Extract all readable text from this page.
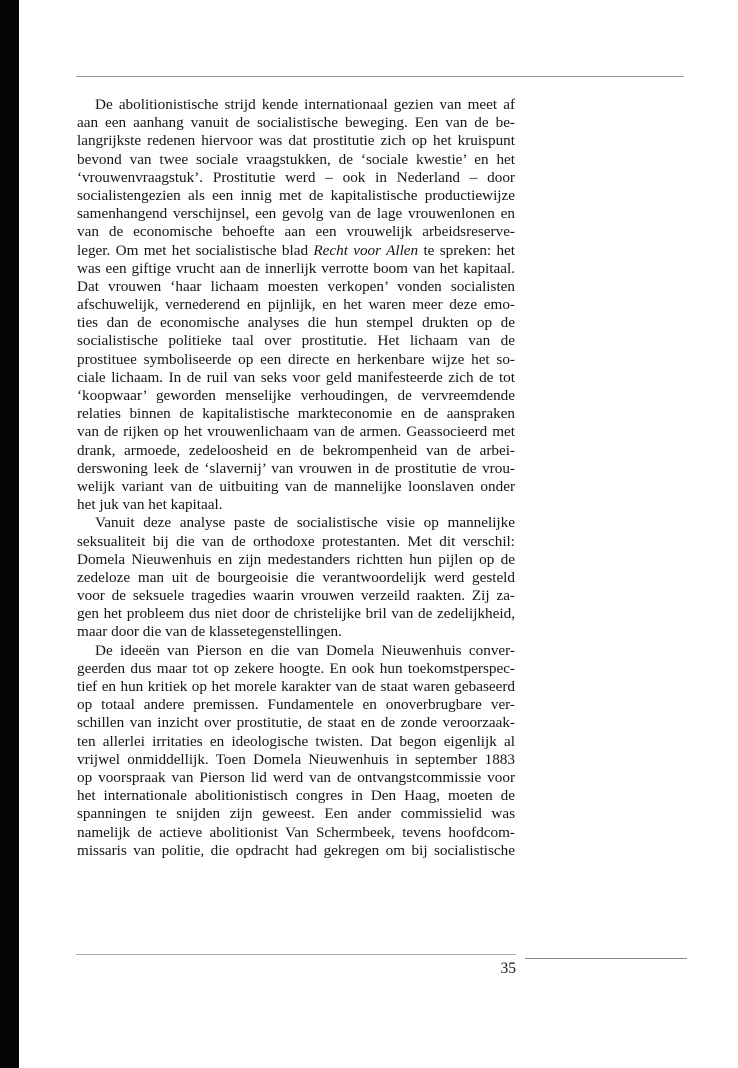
De abolitionistische strijd kende internationaal gezien van meet af
aan een aanhang vanuit de socialistische beweging. Een van de be-
langrijkste redenen hiervoor was dat prostitutie zich op het kruispunt
bevond van twee sociale vraagstukken, de ‘sociale kwestie’ en het
‘vrouwenvraagstuk’. Prostitutie werd – ook in Nederland – door
socialistengezien als een innig met de kapitalistische productiewijze
samenhangend verschijnsel, een gevolg van de lage vrouwenlonen en
van de economische behoefte aan een vrouwelijk arbeidsreserve-
leger. Om met het socialistische blad Recht voor Allen te spreken: het
was een giftige vrucht aan de innerlijk verrotte boom van het kapitaal.
Dat vrouwen ‘haar lichaam moesten verkopen’ vonden socialisten
afschuwelijk, vernederend en pijnlijk, en het waren meer deze emo-
ties dan de economische analyses die hun stempel drukten op de
socialistische politieke taal over prostitutie. Het lichaam van de
prostituee symboliseerde op een directe en herkenbare wijze het so-
ciale lichaam. In de ruil van seks voor geld manifesteerde zich de tot
‘koopwaar’ geworden menselijke verhoudingen, de vervreemdende
relaties binnen de kapitalistische markteconomie en de aanspraken
van de rijken op het vrouwenlichaam van de armen. Geassocieerd met
drank, armoede, zedeloosheid en de bekrompenheid van de arbei-
derswoning leek de ‘slavernij’ van vrouwen in de prostitutie de vrou-
welijk variant van de uitbuiting van de mannelijke loonslaven onder
het juk van het kapitaal.
Vanuit deze analyse paste de socialistische visie op mannelijke
seksualiteit bij die van de orthodoxe protestanten. Met dit verschil:
Domela Nieuwenhuis en zijn medestanders richtten hun pijlen op de
zedeloze man uit de bourgeoisie die verantwoordelijk werd gesteld
voor de seksuele tragedies waarin vrouwen verzeild raakten. Zij za-
gen het probleem dus niet door de christelijke bril van de zedelijkheid,
maar door die van de klassetegenstellingen.
De ideeën van Pierson en die van Domela Nieuwenhuis conver-
geerden dus maar tot op zekere hoogte. En ook hun toekomstperspec-
tief en hun kritiek op het morele karakter van de staat waren gebaseerd
op totaal andere premissen. Fundamentele en onoverbrugbare ver-
schillen van inzicht over prostitutie, de staat en de zonde veroorzaak-
ten allerlei irritaties en ideologische twisten. Dat begon eigenlijk al
vrijwel onmiddellijk. Toen Domela Nieuwenhuis in september 1883
op voorspraak van Pierson lid werd van de ontvangstcommissie voor
het internationale abolitionistisch congres in Den Haag, moeten de
spanningen te snijden zijn geweest. Een ander commissielid was
namelijk de actieve abolitionist Van Schermbeek, tevens hoofdcom-
missaris van politie, die opdracht had gekregen om bij socialistische
35
